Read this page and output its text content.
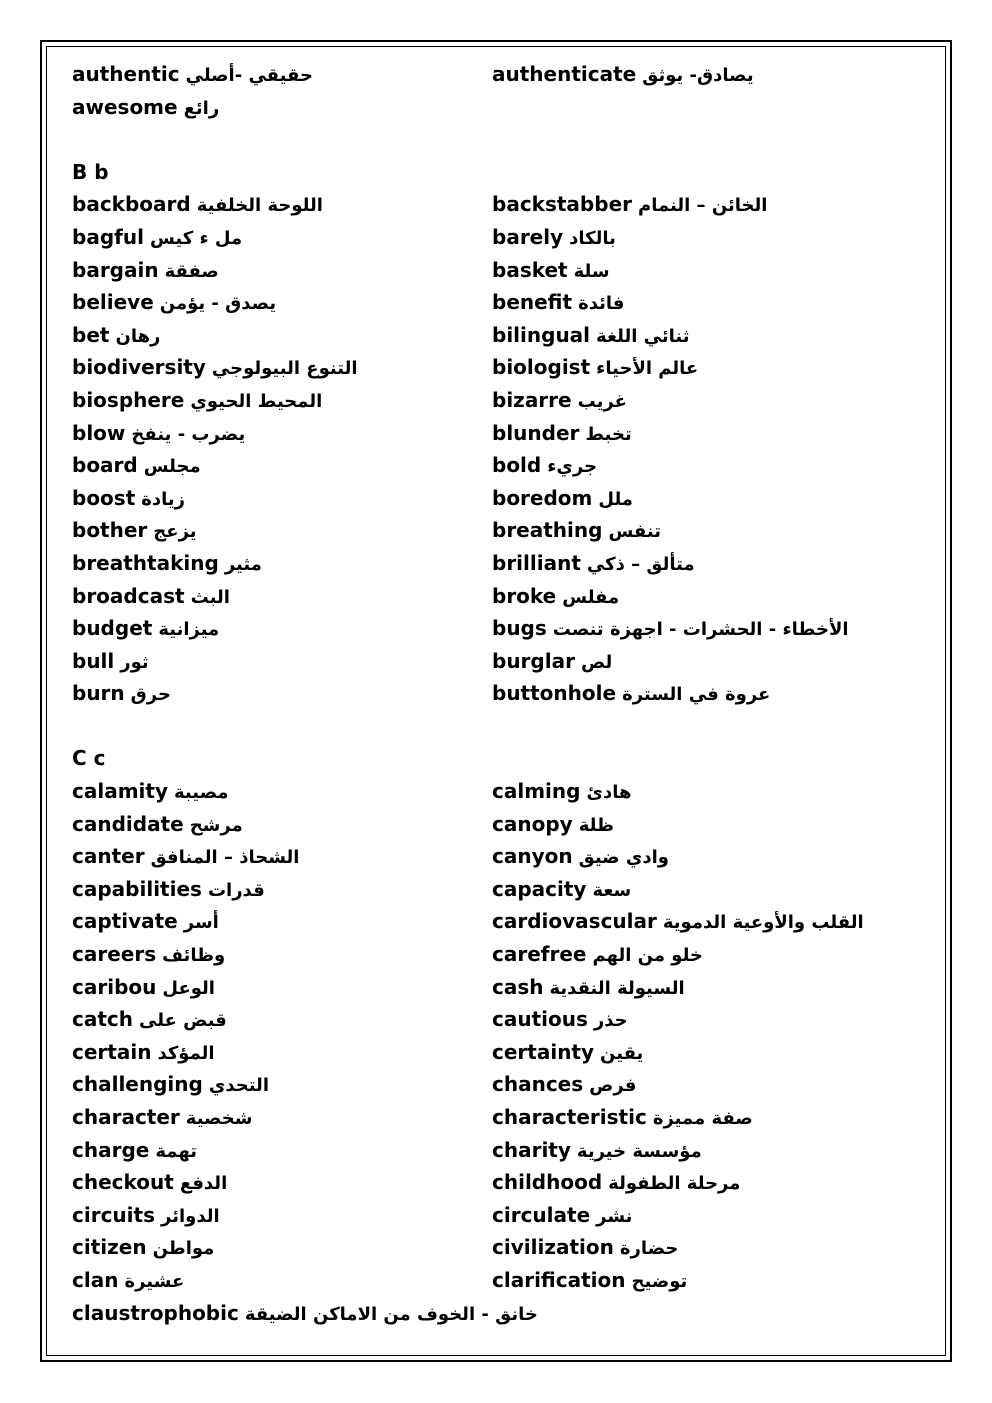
authentic حقيقي -أصلي	authenticate يصادق- يوثق
awesome رائع
B b
backboard اللوحة الخلفية	backstabber الخائن – النمام
bagful مل ء كيس	barely بالكاد
bargain صفقة	basket سلة
believe يصدق - يؤمن	benefit فائدة
bet رهان	bilingual ثنائي اللغة
biodiversity التنوع البيولوجي	biologist عالم الأحياء
biosphere المحيط الحيوي	bizarre غريب
blow يضرب - ينفخ	blunder تخبط
board مجلس	bold جريء
boost زيادة	boredom ملل
bother يزعج	breathing تنفس
breathtaking مثير	brilliant متألق – ذكي
broadcast البث	broke مفلس
budget ميزانية	bugs الأخطاء - الحشرات - اجهزة تنصت
bull ثور	burglar لص
burn حرق	buttonhole عروة في السترة
C c
calamity مصيبة	calming هادئ
candidate مرشح	canopy ظلة
canter الشحاذ – المنافق	canyon وادي ضيق
capabilities قدرات	capacity سعة
captivate أسر	cardiovascular القلب والأوعية الدموية
careers وظائف	carefree خلو من الهم
caribou الوعل	cash السيولة النقدية
catch قبض على	cautious حذر
certain المؤكد	certainty يقين
challenging التحدي	chances فرص
character شخصية	characteristic صفة مميزة
charge تهمة	charity مؤسسة خيرية
checkout الدفع	childhood مرحلة الطفولة
circuits الدوائر	circulate نشر
citizen مواطن	civilization حضارة
clan عشيرة	clarification توضيح
claustrophobic خانق - الخوف من الاماكن الضيقة
